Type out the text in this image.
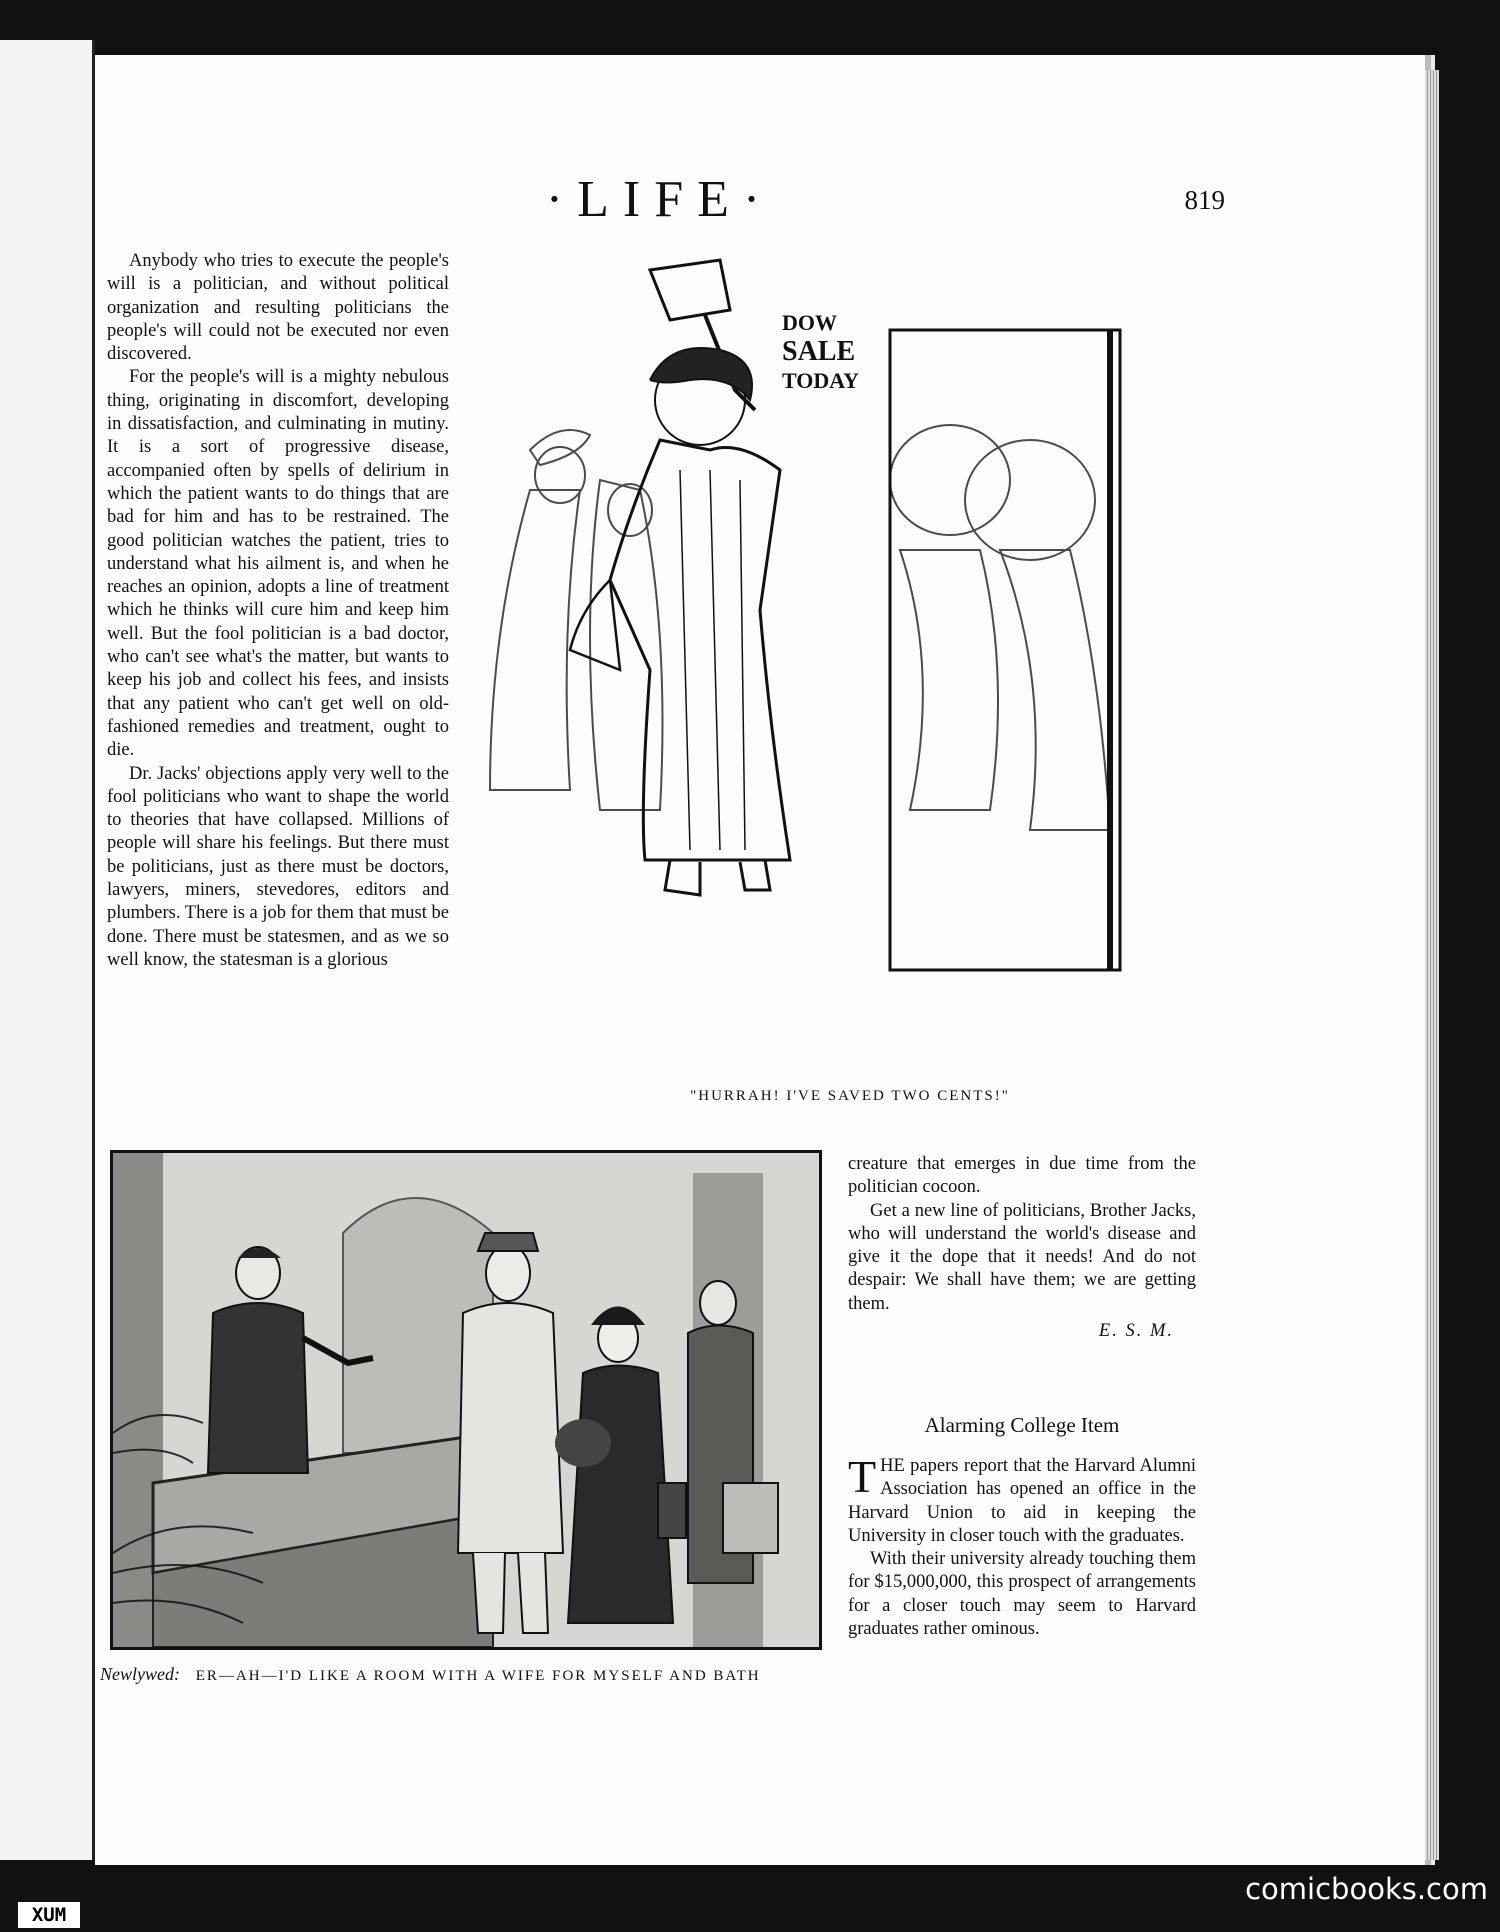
·LIFE·	819

Anybody who tries to execute the people's will is a politician, and without political organization and resulting politicians the people's will could not be executed nor even discovered.

For the people's will is a mighty nebulous thing, originating in discomfort, developing in dissatisfaction, and culminating in mutiny. It is a sort of progressive disease, accompanied often by spells of delirium in which the patient wants to do things that are bad for him and has to be restrained. The good politician watches the patient, tries to understand what his ailment is, and when he reaches an opinion, adopts a line of treatment which he thinks will cure him and keep him well. But the fool politician is a bad doctor, who can't see what's the matter, but wants to keep his job and collect his fees, and insists that any patient who can't get well on old-fashioned remedies and treatment, ought to die.

Dr. Jacks' objections apply very well to the fool politicians who want to shape the world to theories that have collapsed. Millions of people will share his feelings. But there must be politicians, just as there must be doctors, lawyers, miners, stevedores, editors and plumbers. There is a job for them that must be done. There must be statesmen, and as we so well know, the statesman is a glorious

DOW
SALE
TODAY
"HURRAH! I'VE SAVED TWO CENTS!"
Newlywed: ER—AH—I'D LIKE A ROOM WITH A WIFE FOR MYSELF AND BATH

creature that emerges in due time from the politician cocoon.

Get a new line of politicians, Brother Jacks, who will understand the world's disease and give it the dope that it needs! And do not despair: We shall have them; we are getting them.

E. S. M.
Alarming College Item

THE papers report that the Harvard Alumni Association has opened an office in the Harvard Union to aid in keeping the University in closer touch with the graduates.

With their university already touching them for $15,000,000, this prospect of arrangements for a closer touch may seem to Harvard graduates rather ominous.

XUM
comicbooks.com
